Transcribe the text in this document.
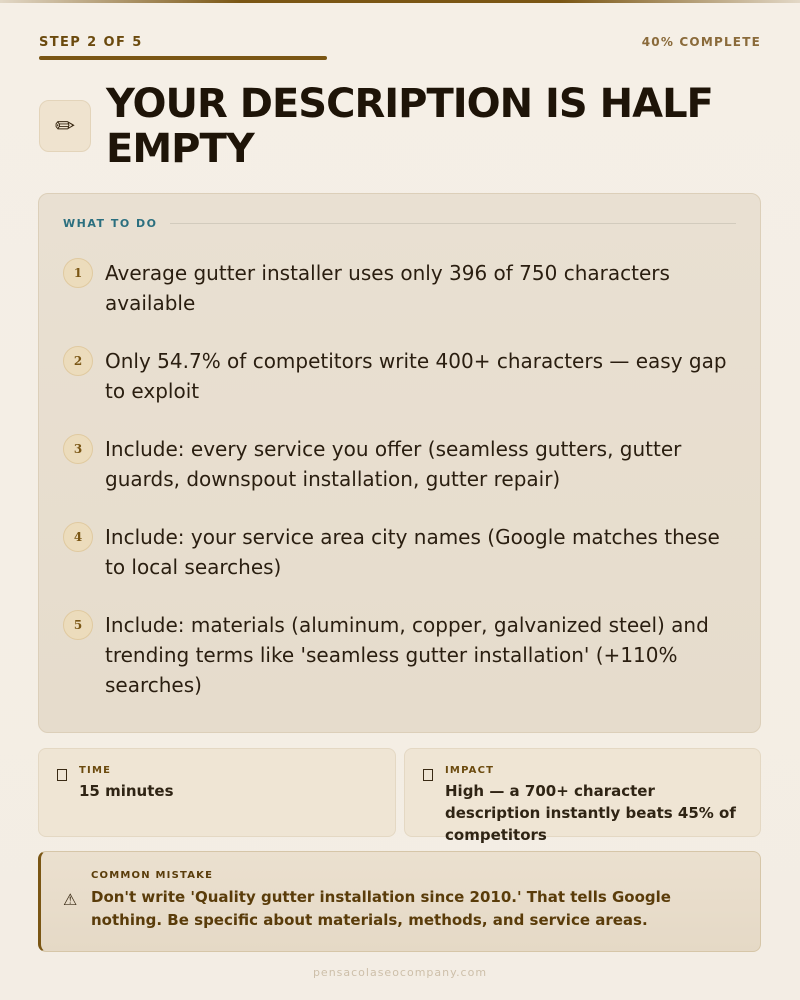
STEP 2 OF 5	40% COMPLETE
✏ YOUR DESCRIPTION IS HALF EMPTY
WHAT TO DO
1	Average gutter installer uses only 396 of 750 characters available
2	Only 54.7% of competitors write 400+ characters — easy gap to exploit
3	Include: every service you offer (seamless gutters, gutter guards, downspout installation, gutter repair)
4	Include: your service area city names (Google matches these to local searches)
5	Include: materials (aluminum, copper, galvanized steel) and trending terms like 'seamless gutter installation' (+110% searches)
TIME
15 minutes
IMPACT
High — a 700+ character description instantly beats 45% of competitors
⚠
COMMON MISTAKE
Don't write 'Quality gutter installation since 2010.' That tells Google nothing. Be specific about materials, methods, and service areas.
pensacolaseocompany.com
